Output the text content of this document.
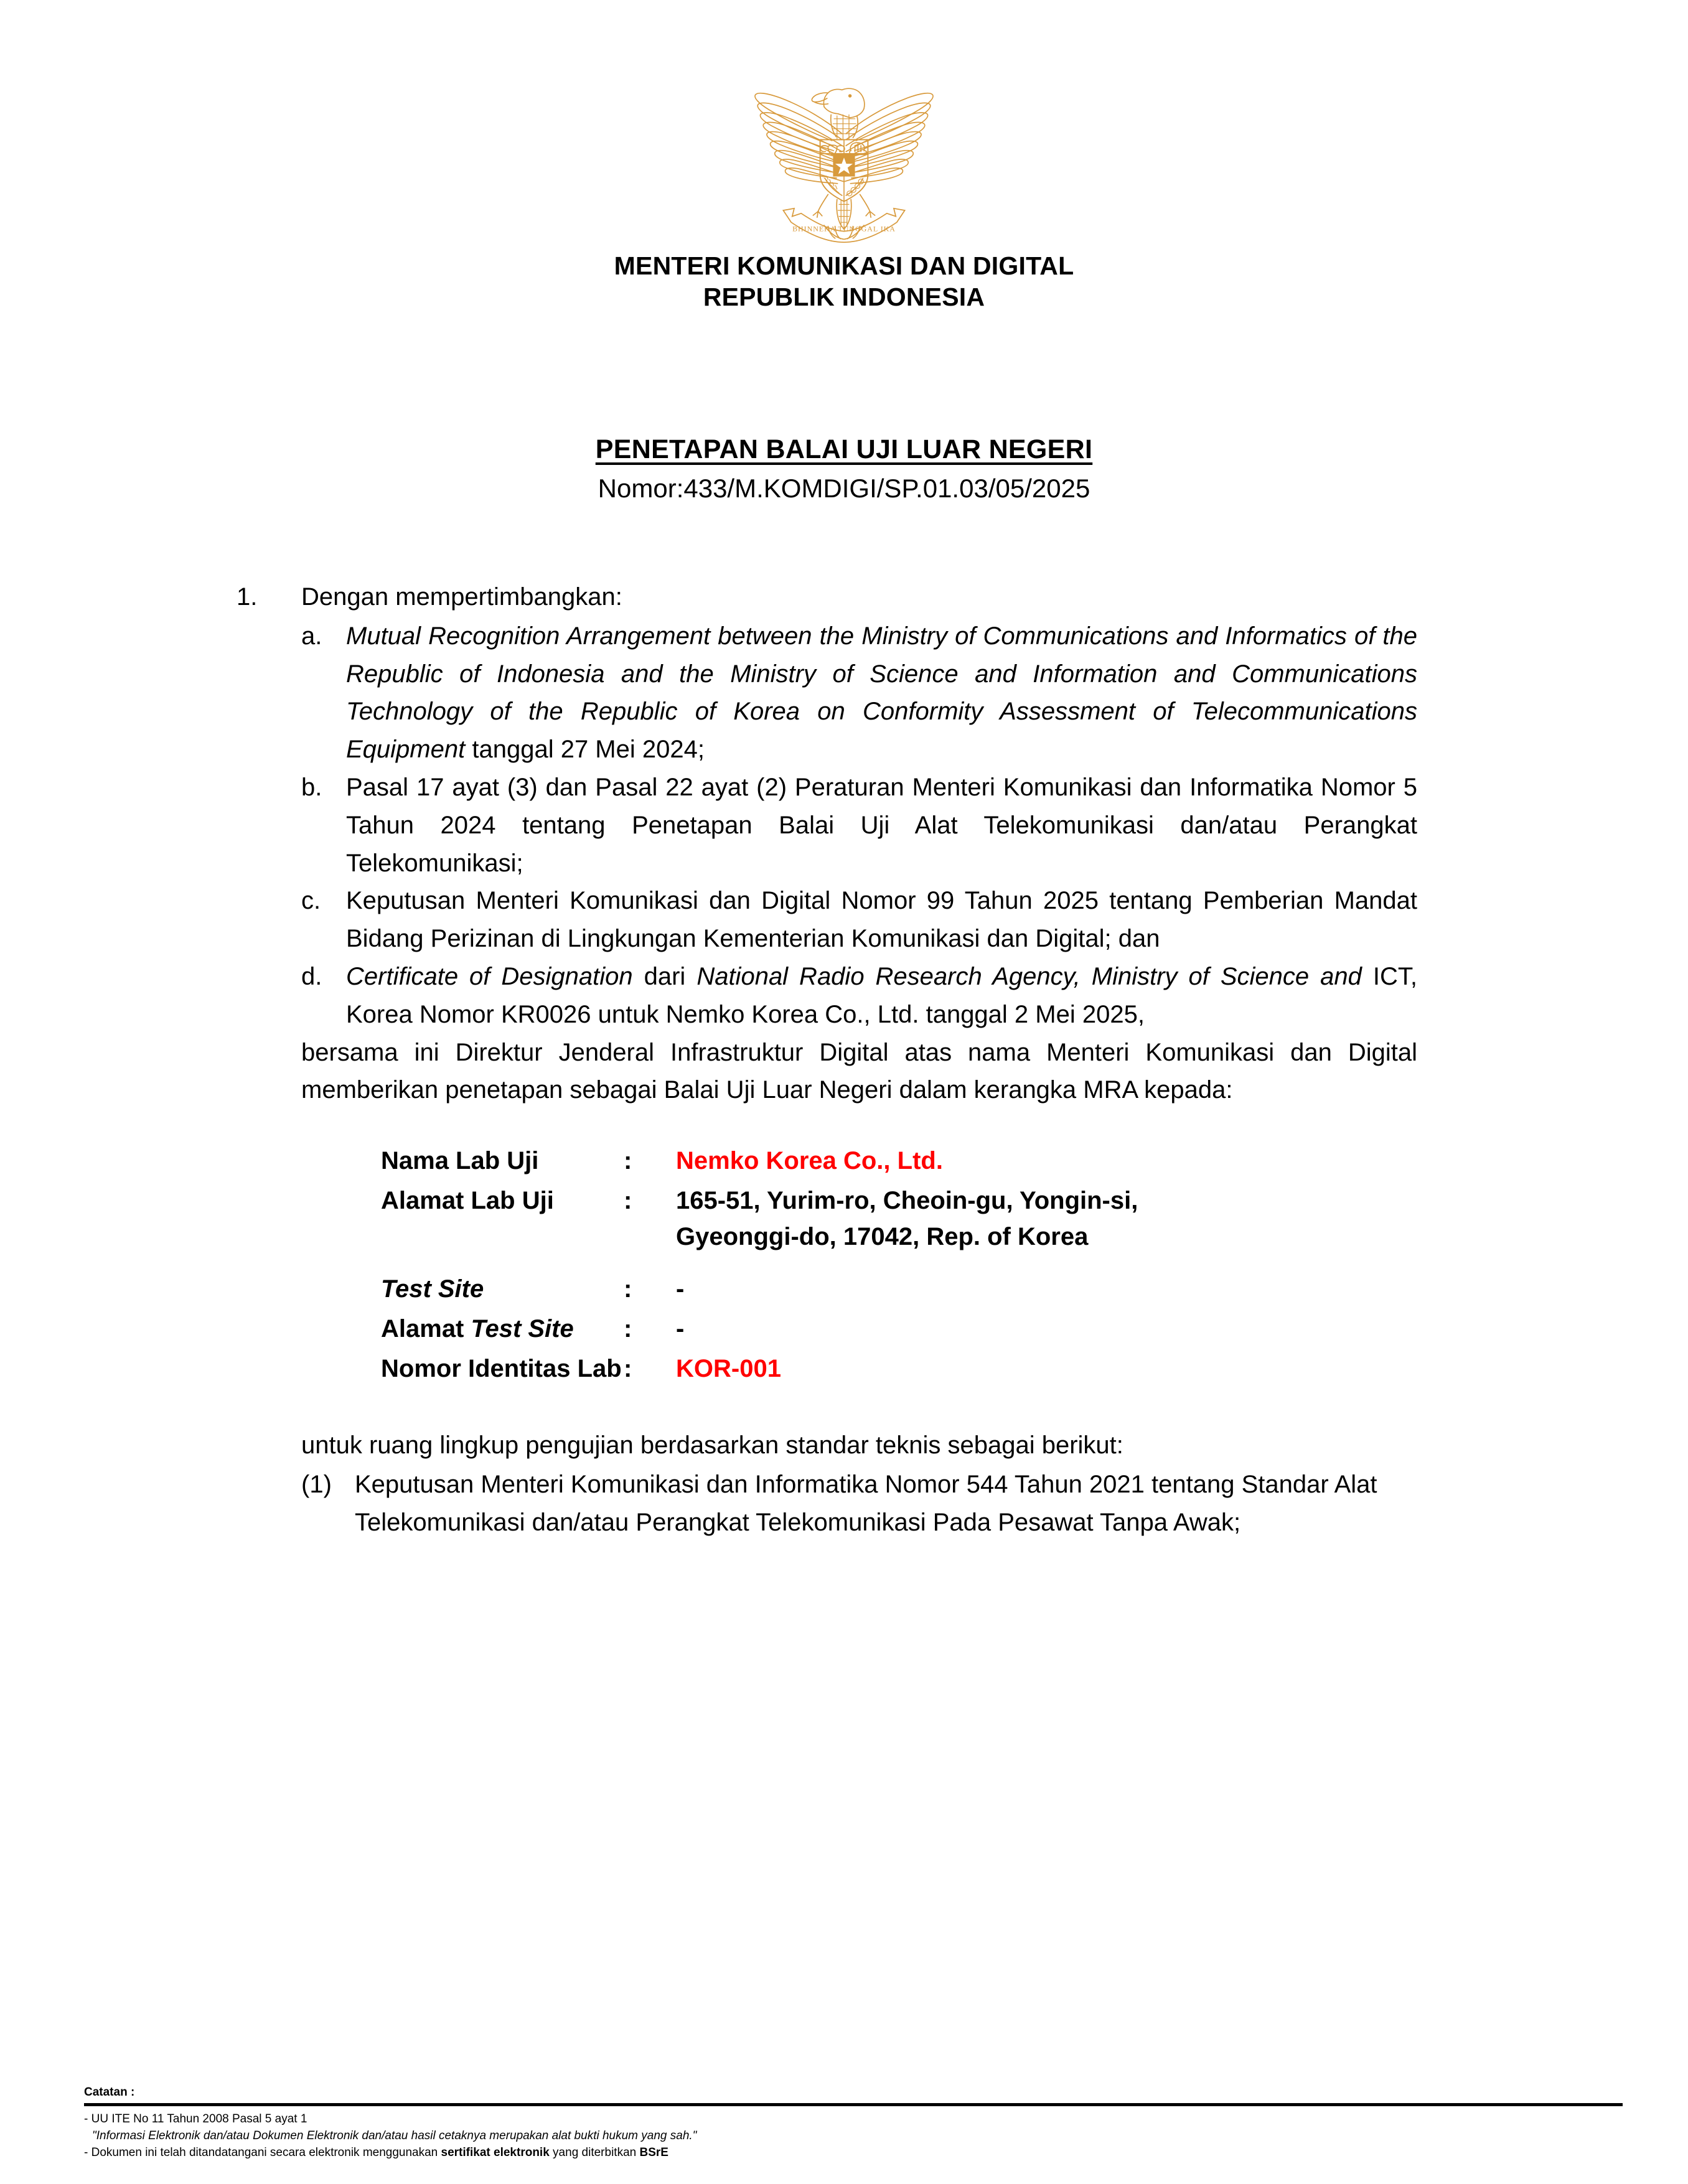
BHINNEKA TUNGGAL IKA
MENTERI KOMUNIKASI DAN DIGITAL
REPUBLIK INDONESIA
PENETAPAN BALAI UJI LUAR NEGERI
Nomor:433/M.KOMDIGI/SP.01.03/05/2025
1.	Dengan mempertimbangkan:
a. Mutual Recognition Arrangement between the Ministry of Communications and Informatics of the Republic of Indonesia and the Ministry of Science and Information and Communications Technology of the Republic of Korea on Conformity Assessment of Telecommunications Equipment tanggal 27 Mei 2024;
b. Pasal 17 ayat (3) dan Pasal 22 ayat (2) Peraturan Menteri Komunikasi dan Informatika Nomor 5 Tahun 2024 tentang Penetapan Balai Uji Alat Telekomunikasi dan/atau Perangkat Telekomunikasi;
c.	Keputusan Menteri Komunikasi dan Digital Nomor 99 Tahun 2025 tentang Pemberian Mandat Bidang Perizinan di Lingkungan Kementerian Komunikasi dan Digital; dan
d. Certificate of Designation dari National Radio Research Agency, Ministry of Science and ICT, Korea Nomor KR0026 untuk Nemko Korea Co., Ltd. tanggal 2 Mei 2025,

bersama ini Direktur Jenderal Infrastruktur Digital atas nama Menteri Komunikasi dan Digital memberikan penetapan sebagai Balai Uji Luar Negeri dalam kerangka MRA kepada:

Nama Lab Uji	:	Nemko Korea Co., Ltd.
Alamat Lab Uji	:	165-51, Yurim-ro, Cheoin-gu, Yongin-si,
Gyeonggi-do, 17042, Rep. of Korea

Test Site	:	-
Alamat Test Site	:	-
Nomor Identitas Lab	:	KOR-001

untuk ruang lingkup pengujian berdasarkan standar teknis sebagai berikut:

(1) Keputusan Menteri Komunikasi dan Informatika Nomor 544 Tahun 2021 tentang Standar Alat Telekomunikasi dan/atau Perangkat Telekomunikasi Pada Pesawat Tanpa Awak;
Catatan :
- UU ITE No 11 Tahun 2008 Pasal 5 ayat 1
"Informasi Elektronik dan/atau Dokumen Elektronik dan/atau hasil cetaknya merupakan alat bukti hukum yang sah."
- Dokumen ini telah ditandatangani secara elektronik menggunakan sertifikat elektronik yang diterbitkan BSrE
